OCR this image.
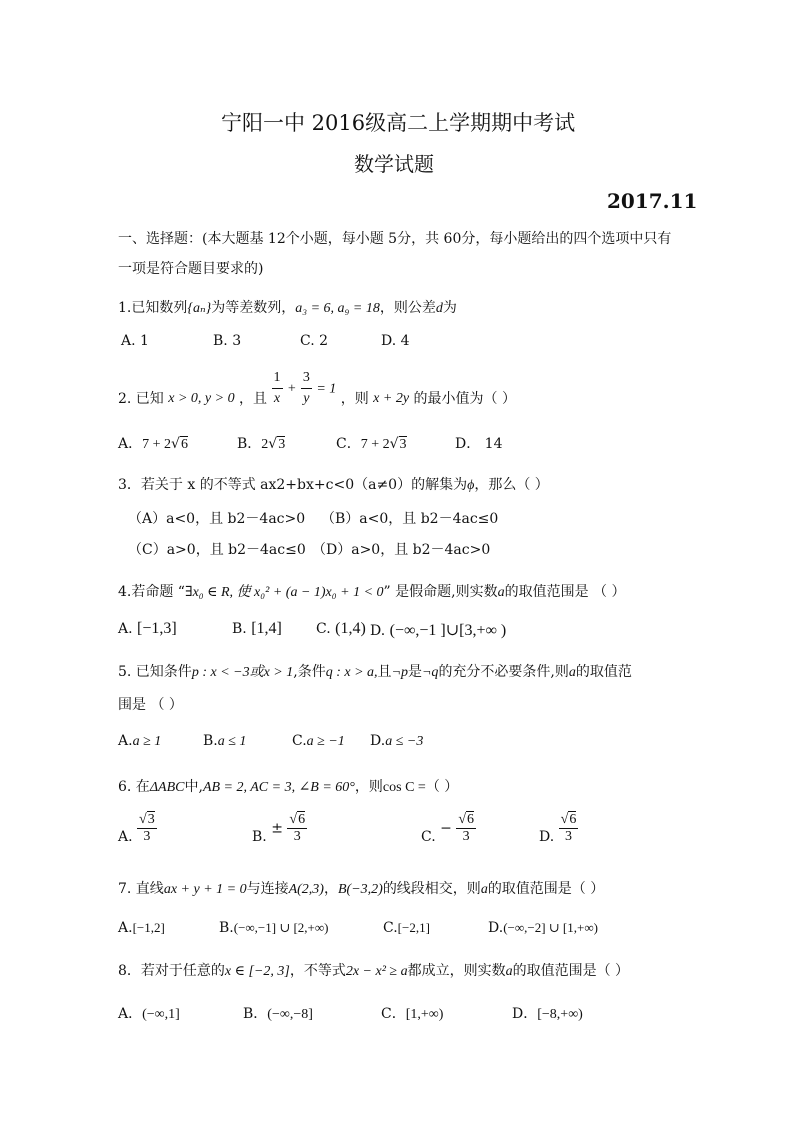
宁阳一中 2016级高二上学期期中考试
数学试题
2017.11
一、选择题：(本大题基 12个小题，每小题 5分，共 60分，每小题给出的四个选项中只有
一项是符合题目要求的)
1.已知数列{aₙ}为等差数列，a₃ = 6, a₉ = 18，则公差d为
A. 1	B. 3	C. 2	D. 4
2. 已知 x > 0, y > 0 ，且 $\frac{1}{x} + \frac{3}{y} = 1$ ，则 x + 2y 的最小值为（ ）
A．7 + 2√6	B．2√3	C．7 + 2√3	D． 14
3．若关于 x 的不等式 ax2+bx+c<0（a≠0）的解集为ϕ，那么（ ）
（A）a<0，且 b2－4ac>0 （B）a<0，且 b2－4ac≤0
（C）a>0，且 b2－4ac≤0 （D）a>0，且 b2－4ac>0
4.若命题 “∃x₀ ∈ R, 使 x₀² + (a − 1)x₀ + 1 < 0” 是假命题,则实数a的取值范围是 （ ）
A. [−1,3]	B. [1,4] C. (1,4) D. (−∞,−1 ]∪[3,+∞ )
5. 已知条件p : x < −3或x > 1,条件q : x > a,且¬p是¬q的充分不必要条件,则a的取值范
围是 （ ）
A.a ≥ 1	B.a ≤ 1	C.a ≥ −1 D.a ≤ −3
6. 在ΔABC中,AB = 2, AC = 3, ∠B = 60°，则cos C =（ ）
A. $\frac{√3}{3}$	B. ± $\frac{√6}{3}$	C. − $\frac{√6}{3}$	D. $\frac{√6}{3}$
7. 直线ax + y + 1 = 0与连接A(2,3)，B(−3,2)的线段相交，则a的取值范围是（ ）
A.[−1,2]	B.(−∞,−1] ∪ [2,+∞)	C.[−2,1]	D.(−∞,−2] ∪ [1,+∞)
8．若对于任意的x ∈ [−2, 3]，不等式2x − x² ≥ a都成立，则实数a的取值范围是（ ）
A．(−∞,1]	B．(−∞,−8]	C．[1,+∞)	D．[−8,+∞)
